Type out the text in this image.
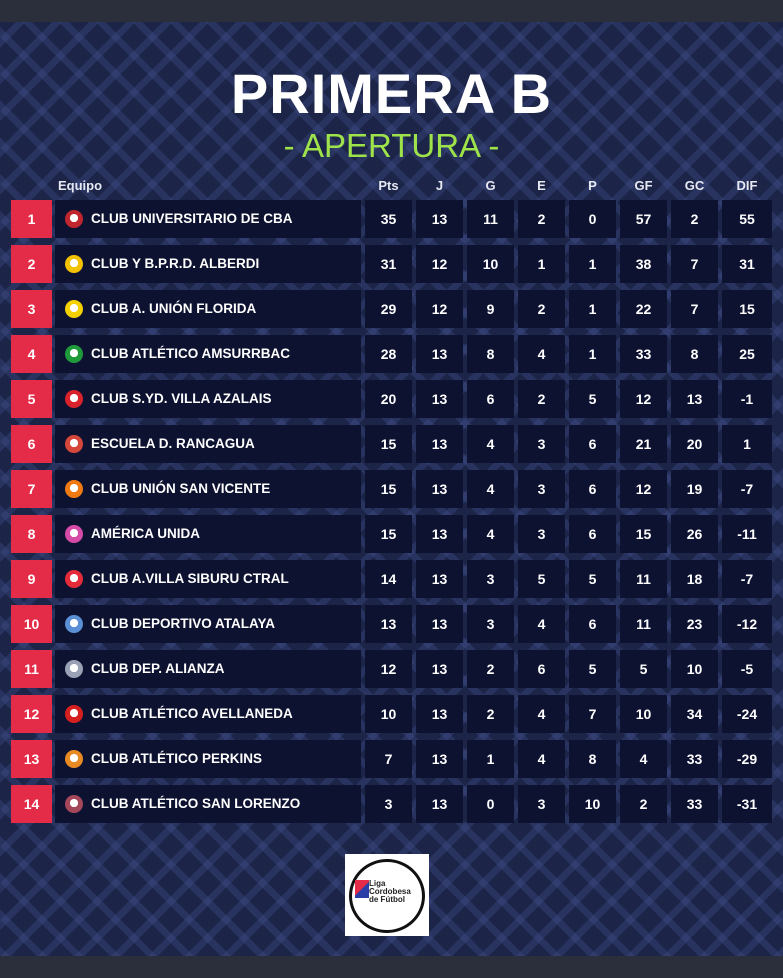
PRIMERA B
- APERTURA -
Equipo	Pts	J	G	E	P	GF	GC	DIF
1	CLUB UNIVERSITARIO DE CBA	35	13	11	2	0	57	2	55
2	CLUB Y B.P.R.D. ALBERDI	31	12	10	1	1	38	7	31
3	CLUB A. UNIÓN FLORIDA	29	12	9	2	1	22	7	15
4	CLUB ATLÉTICO AMSURRBAC	28	13	8	4	1	33	8	25
5	CLUB S.YD. VILLA AZALAIS	20	13	6	2	5	12	13	-1
6	ESCUELA D. RANCAGUA	15	13	4	3	6	21	20	1
7	CLUB UNIÓN SAN VICENTE	15	13	4	3	6	12	19	-7
8	AMÉRICA UNIDA	15	13	4	3	6	15	26	-11
9	CLUB A.VILLA SIBURU CTRAL	14	13	3	5	5	11	18	-7
10	CLUB DEPORTIVO ATALAYA	13	13	3	4	6	11	23	-12
11	CLUB DEP. ALIANZA	12	13	2	6	5	5	10	-5
12	CLUB ATLÉTICO AVELLANEDA	10	13	2	4	7	10	34	-24
13	CLUB ATLÉTICO PERKINS	7	13	1	4	8	4	33	-29
14	CLUB ATLÉTICO SAN LORENZO	3	13	0	3	10	2	33	-31
Liga Cordobesa de Fútbol
